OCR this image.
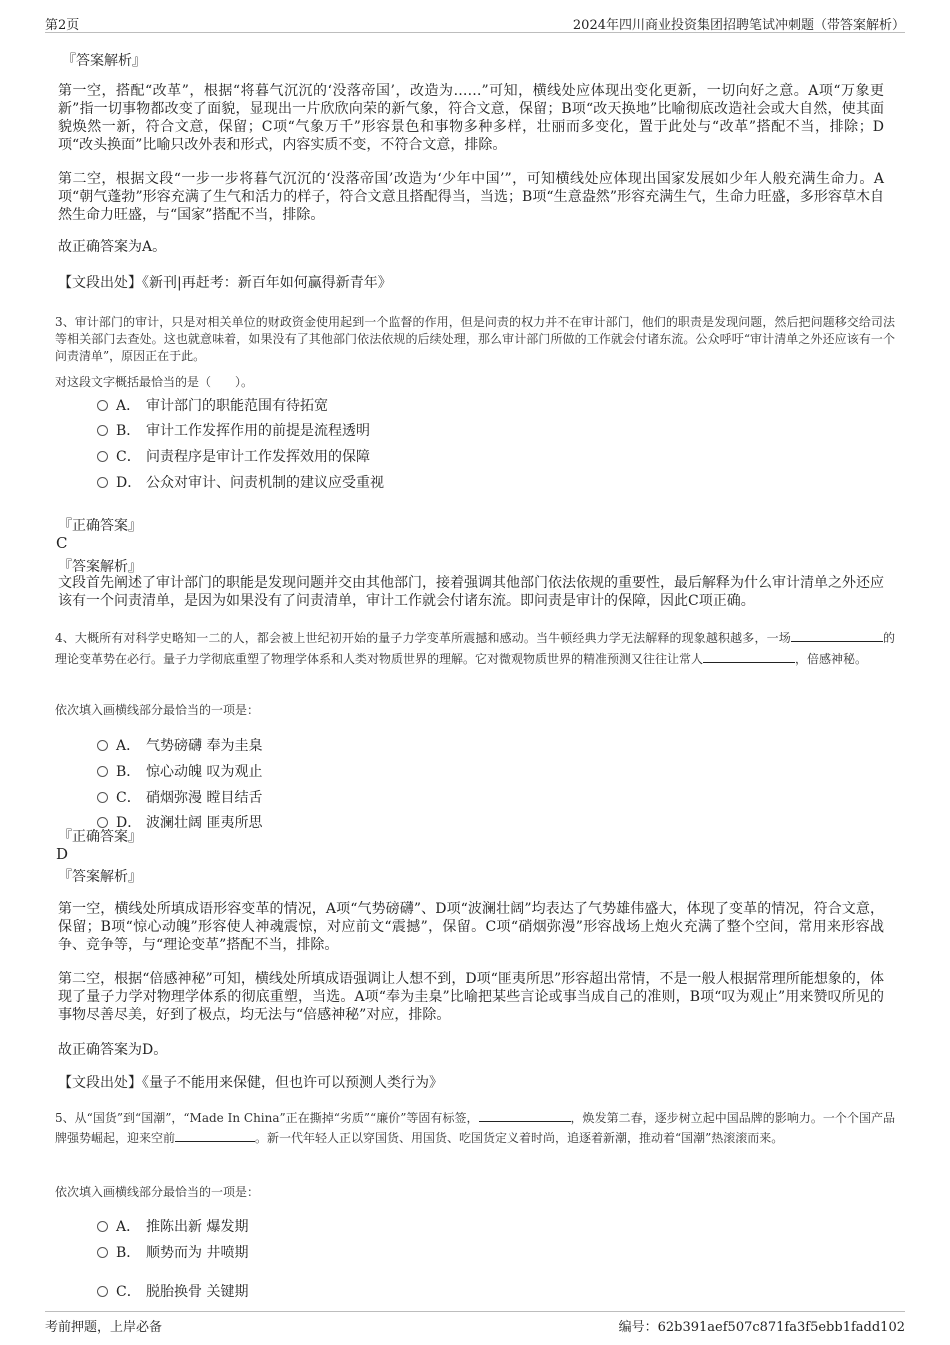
第2页	2024年四川商业投资集团招聘笔试冲刺题（带答案解析）
『答案解析』
第一空，搭配“改革”，根据“将暮气沉沉的‘没落帝国’，改造为……”可知，横线处应体现出变化更新，一切向好之意。A项“万象更新”指一切事物都改变了面貌，显现出一片欣欣向荣的新气象，符合文意，保留；B项“改天换地”比喻彻底改造社会或大自然，使其面貌焕然一新，符合文意，保留；C项“气象万千”形容景色和事物多种多样，壮丽而多变化，置于此处与“改革”搭配不当，排除；D项“改头换面”比喻只改外表和形式，内容实质不变，不符合文意，排除。
第二空，根据文段“一步一步将暮气沉沉的‘没落帝国’改造为‘少年中国’”，可知横线处应体现出国家发展如少年人般充满生命力。A项“朝气蓬勃”形容充满了生气和活力的样子，符合文意且搭配得当，当选；B项“生意盎然”形容充满生气，生命力旺盛，多形容草木自然生命力旺盛，与“国家”搭配不当，排除。
故正确答案为A。
【文段出处】《新刊|再赶考：新百年如何赢得新青年》
3、审计部门的审计，只是对相关单位的财政资金使用起到一个监督的作用，但是问责的权力并不在审计部门，他们的职责是发现问题，然后把问题移交给司法等相关部门去查处。这也就意味着，如果没有了其他部门依法依规的后续处理，那么审计部门所做的工作就会付诸东流。公众呼吁“审计清单之外还应该有一个问责清单”，原因正在于此。
对这段文字概括最恰当的是（　　）。
A． 审计部门的职能范围有待拓宽
B． 审计工作发挥作用的前提是流程透明
C． 问责程序是审计工作发挥效用的保障
D． 公众对审计、问责机制的建议应受重视
『正确答案』
C
『答案解析』
文段首先阐述了审计部门的职能是发现问题并交由其他部门，接着强调其他部门依法依规的重要性，最后解释为什么审计清单之外还应该有一个问责清单，是因为如果没有了问责清单，审计工作就会付诸东流。即问责是审计的保障，因此C项正确。
4、大概所有对科学史略知一二的人，都会被上世纪初开始的量子力学变革所震撼和感动。当牛顿经典力学无法解释的现象越积越多，一场	的理论变革势在必行。量子力学彻底重塑了物理学体系和人类对物质世界的理解。它对微观物质世界的精准预测又往往让常人	，倍感神秘。
依次填入画横线部分最恰当的一项是：
A． 气势磅礴 奉为圭臬
B． 惊心动魄 叹为观止
C． 硝烟弥漫 瞠目结舌
D． 波澜壮阔 匪夷所思
『正确答案』
D
『答案解析』
第一空，横线处所填成语形容变革的情况，A项“气势磅礴”、D项“波澜壮阔”均表达了气势雄伟盛大，体现了变革的情况，符合文意，保留；B项“惊心动魄”形容使人神魂震惊，对应前文“震撼”，保留。C项“硝烟弥漫”形容战场上炮火充满了整个空间，常用来形容战争、竞争等，与“理论变革”搭配不当，排除。
第二空，根据“倍感神秘”可知，横线处所填成语强调让人想不到，D项“匪夷所思”形容超出常情，不是一般人根据常理所能想象的，体现了量子力学对物理学体系的彻底重塑，当选。A项“奉为圭臬”比喻把某些言论或事当成自己的准则，B项“叹为观止”用来赞叹所见的事物尽善尽美，好到了极点，均无法与“倍感神秘”对应，排除。
故正确答案为D。
【文段出处】《量子不能用来保健，但也许可以预测人类行为》
5、从“国货”到“国潮”，“Made In China”正在撕掉“劣质”“廉价”等固有标签，	，焕发第二春，逐步树立起中国品牌的影响力。一个个国产品牌强势崛起，迎来空前	。新一代年轻人正以穿国货、用国货、吃国货定义着时尚，追逐着新潮，推动着“国潮”热滚滚而来。
依次填入画横线部分最恰当的一项是：
A． 推陈出新 爆发期
B． 顺势而为 井喷期
C． 脱胎换骨 关键期
考前押题，上岸必备	编号：62b391aef507c871fa3f5ebb1fadd102
